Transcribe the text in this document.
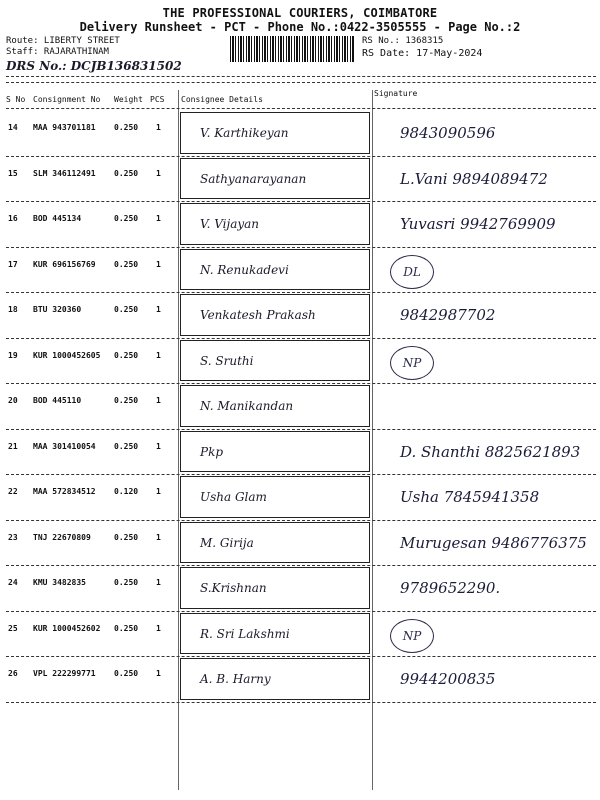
THE PROFESSIONAL COURIERS, COIMBATORE
Delivery Runsheet - PCT - Phone No.:0422-3505555 - Page No.:2
Route: LIBERTY STREET
Staff: RAJARATHINAM
DRS No.: DCJB136831502
RS No.: 1368315
RS Date: 17-May-2024
S No Consignment No Weight PCS Consignee Details
Signature
14 MAA 943701181 0.250 1	V. Karthikeyan	9843090596
15 SLM 346112491 0.250 1	Sathyanarayanan	L.Vani 9894089472
16 BOD 445134	0.250 1	V. Vijayan	Yuvasri 9942769909
17 KUR 696156769 0.250 1	N. Renukadevi	DL
18 BTU 320360	0.250 1	Venkatesh Prakash	9842987702
19 KUR 1000452605 0.250 1	S. Sruthi	NP
20 BOD 445110	0.250 1	N. Manikandan
21 MAA 301410054 0.250 1	Pkp	D. Shanthi 8825621893
22 MAA 572834512 0.120 1	Usha Glam	Usha 7845941358
23 TNJ 22670809	0.250 1	M. Girija	Murugesan 9486776375
24 KMU 3482835	0.250 1	S.Krishnan	9789652290.
25 KUR 1000452602 0.250 1	R. Sri Lakshmi	NP
26 VPL 222299771 0.250 1	A. B. Harny	9944200835
